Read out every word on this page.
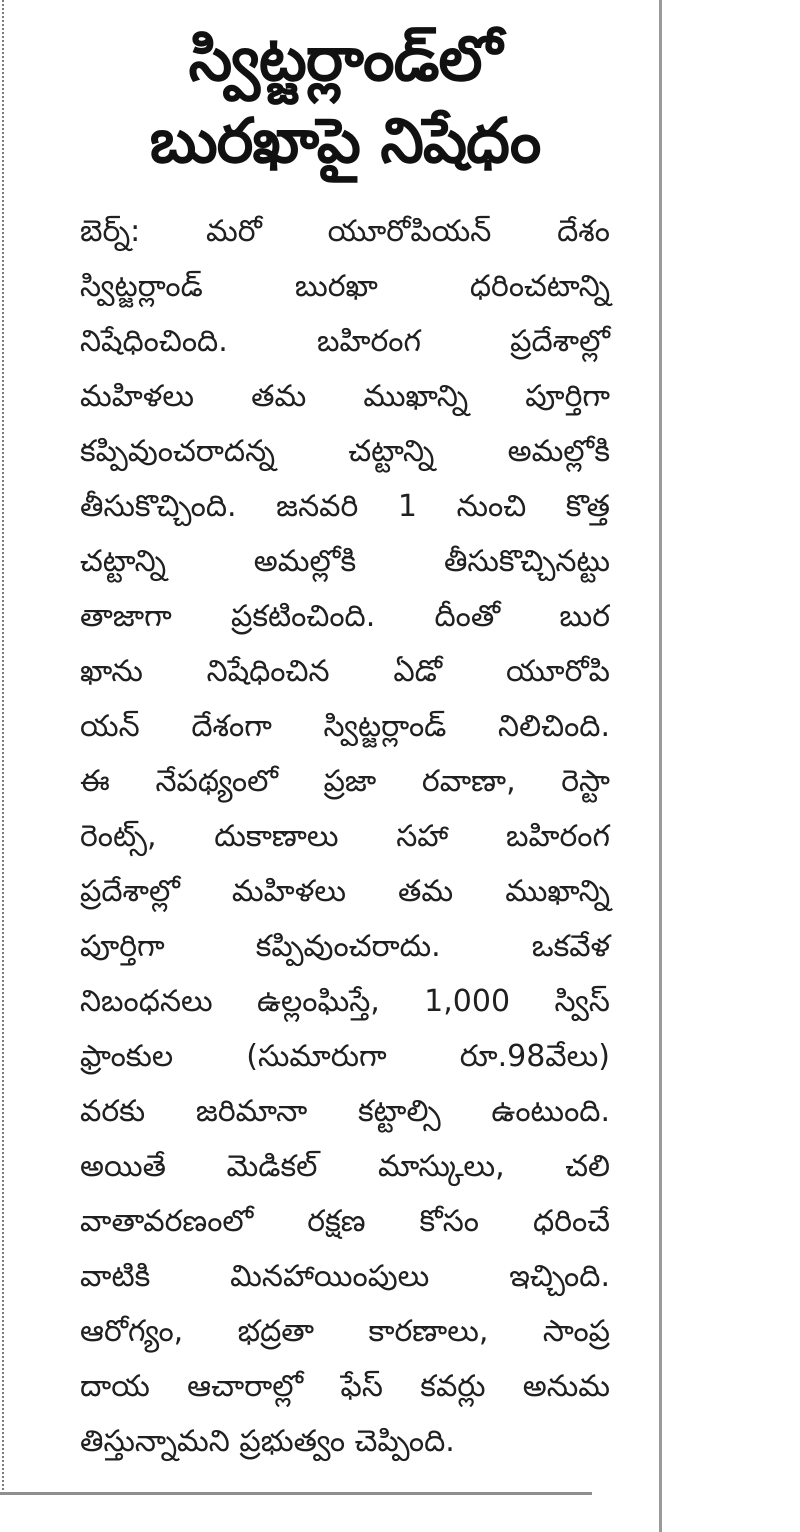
స్విట్జర్లాండ్‌లో
బురఖాపై నిషేధం
బెర్న్‌: మరో యూరోపియన్‌ దేశం
స్విట్జర్లాండ్‌ బురఖా ధరించటాన్ని
నిషేధించింది. బహిరంగ ప్రదేశాల్లో
మహిళలు తమ ముఖాన్ని పూర్తిగా
కప్పివుంచరాదన్న చట్టాన్ని అమల్లోకి
తీసుకొచ్చింది. జనవరి 1 నుంచి కొత్త
చట్టాన్ని అమల్లోకి తీసుకొచ్చినట్టు
తాజాగా ప్రకటించింది. దీంతో బుర
ఖాను నిషేధించిన ఏడో యూరోపి
యన్‌ దేశంగా స్విట్జర్లాండ్‌ నిలిచింది.
ఈ నేపథ్యంలో ప్రజా రవాణా, రెస్టా
రెంట్స్‌, దుకాణాలు సహా బహిరంగ
ప్రదేశాల్లో మహిళలు తమ ముఖాన్ని
పూర్తిగా కప్పివుంచరాదు. ఒకవేళ
నిబంధనలు ఉల్లంఘిస్తే, 1,000 స్విస్‌
ఫ్రాంకుల (సుమారుగా రూ.98వేలు)
వరకు జరిమానా కట్టాల్సి ఉంటుంది.
అయితే మెడికల్‌ మాస్కులు, చలి
వాతావరణంలో రక్షణ కోసం ధరించే
వాటికి మినహాయింపులు ఇచ్చింది.
ఆరోగ్యం, భద్రతా కారణాలు, సాంప్ర
దాయ ఆచారాల్లో ఫేస్‌ కవర్లు అనుమ
తిస్తున్నామని ప్రభుత్వం చెప్పింది.
